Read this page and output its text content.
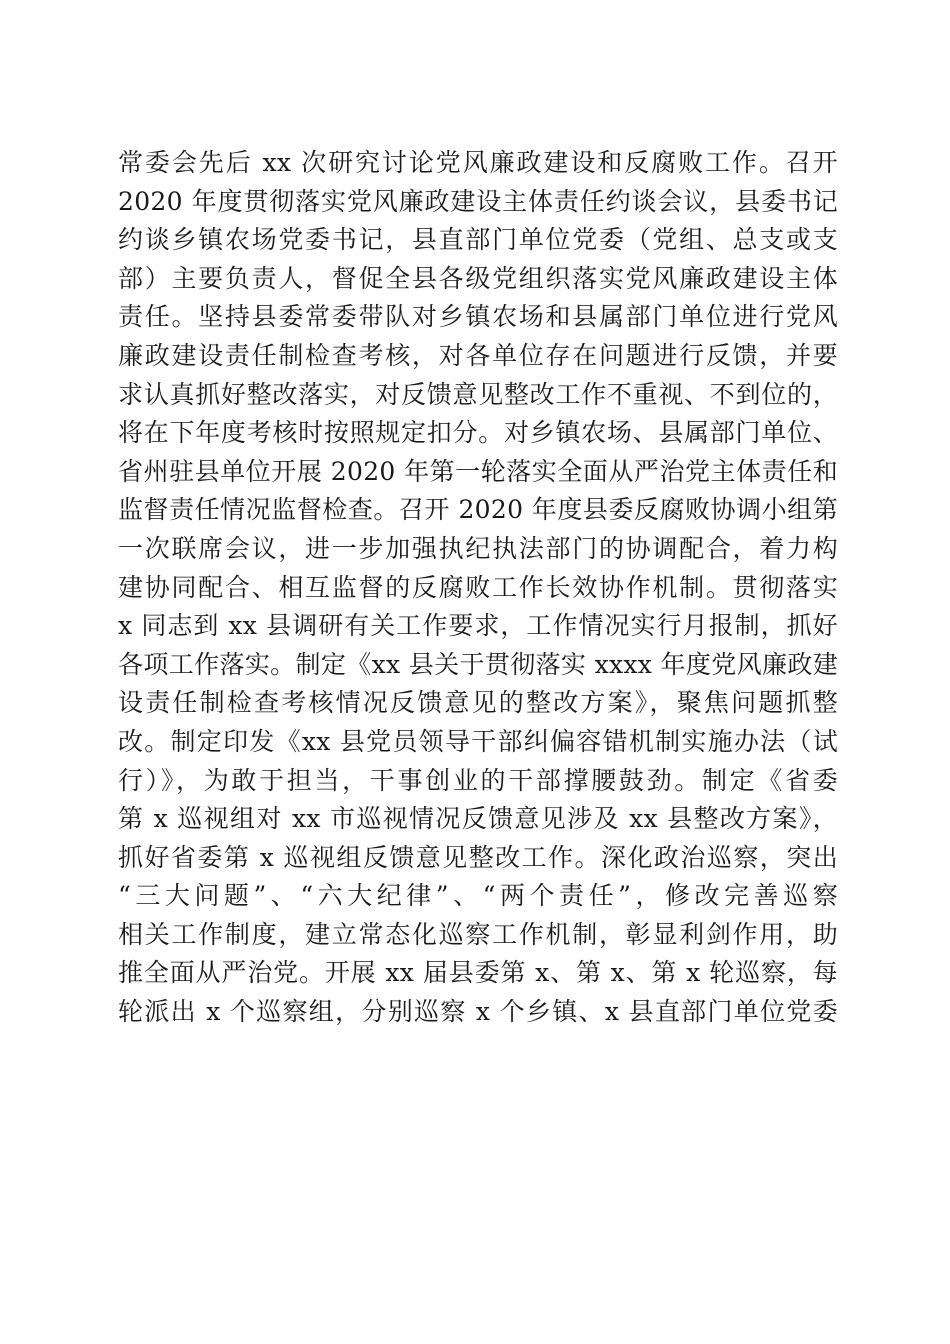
常委会先后 xx 次研究讨论党风廉政建设和反腐败工作。召开
2020 年度贯彻落实党风廉政建设主体责任约谈会议，县委书记
约谈乡镇农场党委书记，县直部门单位党委（党组、总支或支
部）主要负责人，督促全县各级党组织落实党风廉政建设主体
责任。坚持县委常委带队对乡镇农场和县属部门单位进行党风
廉政建设责任制检查考核，对各单位存在问题进行反馈，并要
求认真抓好整改落实，对反馈意见整改工作不重视、不到位的，
将在下年度考核时按照规定扣分。对乡镇农场、县属部门单位、
省州驻县单位开展 2020 年第一轮落实全面从严治党主体责任和
监督责任情况监督检查。召开 2020 年度县委反腐败协调小组第
一次联席会议，进一步加强执纪执法部门的协调配合，着力构
建协同配合、相互监督的反腐败工作长效协作机制。贯彻落实
x 同志到 xx 县调研有关工作要求，工作情况实行月报制，抓好
各项工作落实。制定《xx 县关于贯彻落实 xxxx 年度党风廉政建
设责任制检查考核情况反馈意见的整改方案》，聚焦问题抓整
改。制定印发《xx 县党员领导干部纠偏容错机制实施办法（试
行）》，为敢于担当，干事创业的干部撑腰鼓劲。制定《省委
第 x 巡视组对 xx 市巡视情况反馈意见涉及 xx 县整改方案》，
抓好省委第 x 巡视组反馈意见整改工作。深化政治巡察，突出
“三大问题”、“六大纪律”、“两个责任”，修改完善巡察
相关工作制度，建立常态化巡察工作机制，彰显利剑作用，助
推全面从严治党。开展 xx 届县委第 x、第 x、第 x 轮巡察，每
轮派出 x 个巡察组，分别巡察 x 个乡镇、x 县直部门单位党委
